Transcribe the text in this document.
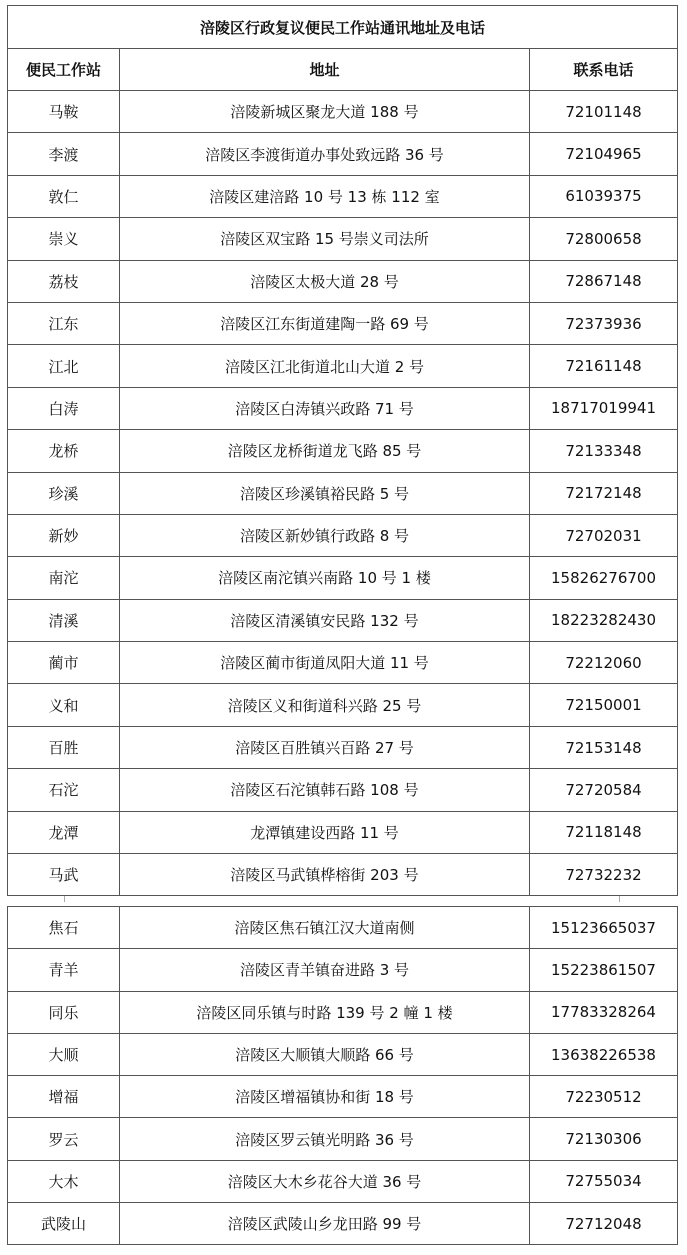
涪陵区行政复议便民工作站通讯地址及电话		
便民工作站	地址	联系电话
马鞍	涪陵新城区聚龙大道 188 号	72101148
李渡	涪陵区李渡街道办事处致远路 36 号	72104965
敦仁	涪陵区建涪路 10 号 13 栋 112 室	61039375
崇义	涪陵区双宝路 15 号崇义司法所	72800658
荔枝	涪陵区太极大道 28 号	72867148
江东	涪陵区江东街道建陶一路 69 号	72373936
江北	涪陵区江北街道北山大道 2 号	72161148
白涛	涪陵区白涛镇兴政路 71 号	18717019941
龙桥	涪陵区龙桥街道龙飞路 85 号	72133348
珍溪	涪陵区珍溪镇裕民路 5 号	72172148
新妙	涪陵区新妙镇行政路 8 号	72702031
南沱	涪陵区南沱镇兴南路 10 号 1 楼	15826276700
清溪	涪陵区清溪镇安民路 132 号	18223282430
蔺市	涪陵区蔺市街道凤阳大道 11 号	72212060
义和	涪陵区义和街道科兴路 25 号	72150001
百胜	涪陵区百胜镇兴百路 27 号	72153148
石沱	涪陵区石沱镇韩石路 108 号	72720584
龙潭	龙潭镇建设西路 11 号	72118148
马武	涪陵区马武镇桦榕街 203 号	72732232
焦石	涪陵区焦石镇江汉大道南侧	15123665037
青羊	涪陵区青羊镇奋进路 3 号	15223861507
同乐	涪陵区同乐镇与时路 139 号 2 幢 1 楼	17783328264
大顺	涪陵区大顺镇大顺路 66 号	13638226538
增福	涪陵区增福镇协和街 18 号	72230512
罗云	涪陵区罗云镇光明路 36 号	72130306
大木	涪陵区大木乡花谷大道 36 号	72755034
武陵山	涪陵区武陵山乡龙田路 99 号	72712048
